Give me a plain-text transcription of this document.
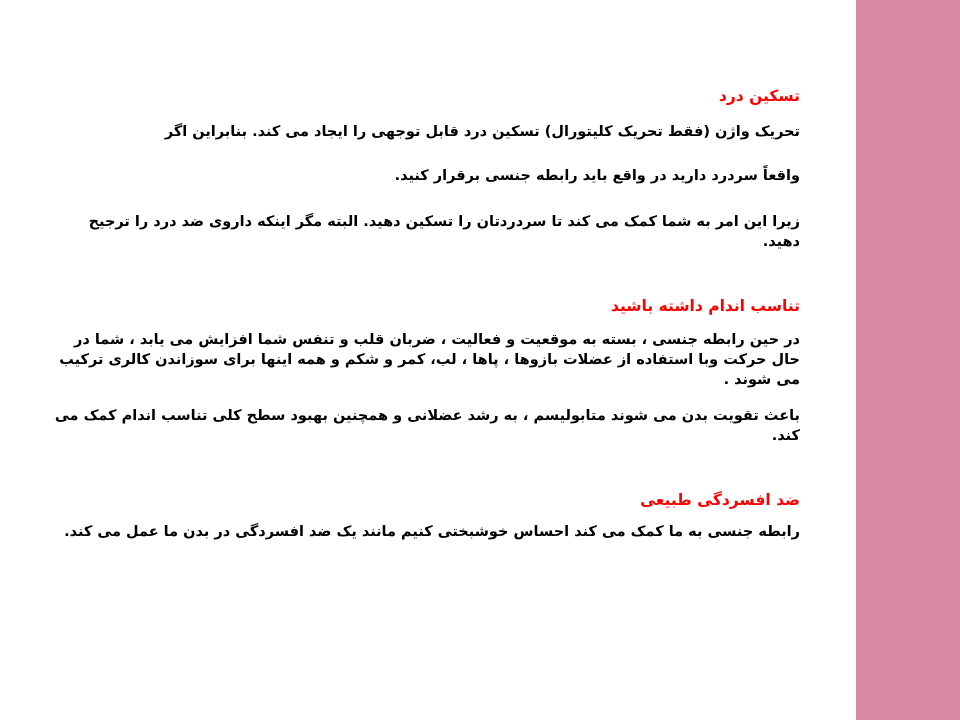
تسکین درد

تحریک واژن (فقط تحریک کلیتورال) تسکین درد قابل توجهی را ایجاد می کند. بنابراین اگر

واقعاً سردرد دارید در واقع باید رابطه جنسی برقرار کنید.

زیرا این امر به شما کمک می کند تا سردردتان را تسکین دهید. البته مگر اینکه داروی ضد درد را ترجیح دهید.

تناسب اندام داشته باشید

در حین رابطه جنسی ، بسته به موقعیت و فعالیت ، ضربان قلب و تنفس شما افزایش می یابد ، شما در حال حرکت وبا استفاده از عضلات بازوها ، پاها ، لب، کمر و شکم و همه اینها برای سوزاندن کالری ترکیب می شوند .

باعث تقویت بدن می شوند متابولیسم ، به رشد عضلانی و همچنین بهبود سطح کلی تناسب اندام کمک می کند.

ضد افسردگی طبیعی

رابطه جنسی به ما کمک می کند احساس خوشبختی کنیم مانند یک ضد افسردگی در بدن ما عمل می کند.
